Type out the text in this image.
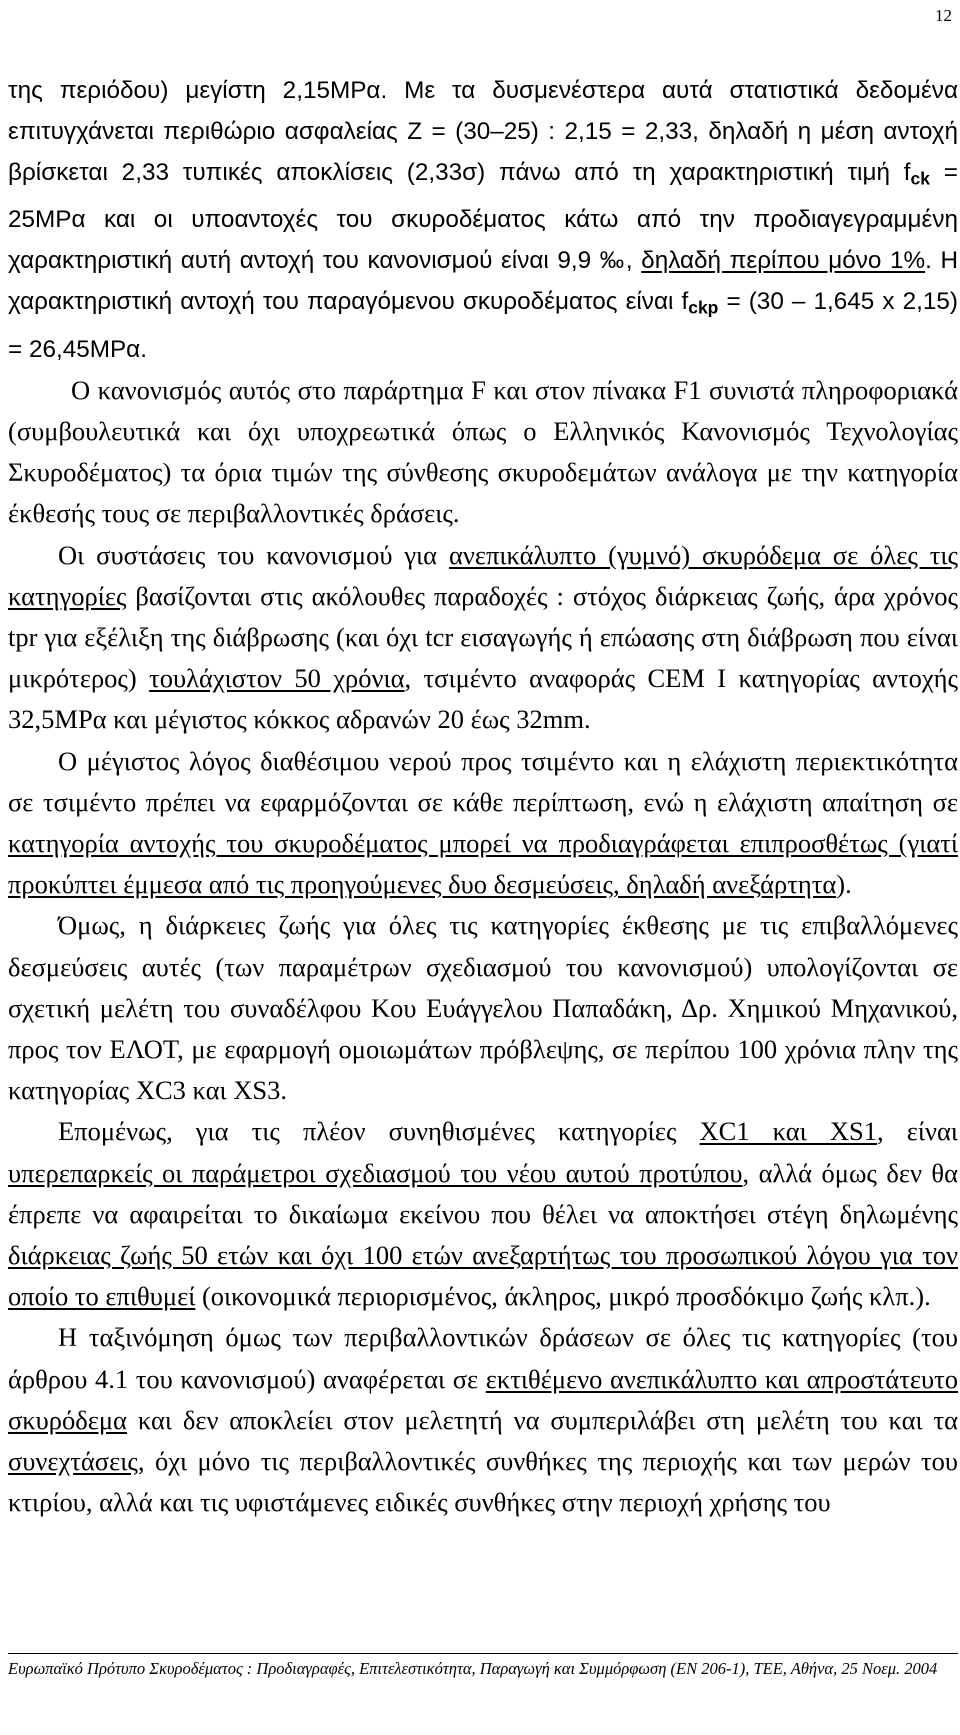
12

της περιόδου) μεγίστη 2,15MPα. Με τα δυσμενέστερα αυτά στατιστικά δεδομένα επιτυγχάνεται περιθώριο ασφαλείας Ζ = (30–25) : 2,15 = 2,33, δηλαδή η μέση αντοχή βρίσκεται 2,33 τυπικές αποκλίσεις (2,33σ) πάνω από τη χαρακτηριστική τιμή $f_{ck} = 25MP\alpha$ και οι υποαντοχές του σκυροδέματος κάτω από την προδιαγεγραμμένη χαρακτηριστική αυτή αντοχή του κανονισμού είναι 9,9 ‰, δηλαδή περίπου μόνο 1%. Η χαρακτηριστική αντοχή του παραγόμενου σκυροδέματος είναι $f_{ckp} = (30 - 1,645$ x 2,15) = 26,45MPα.

Ο κανονισμός αυτός στο παράρτημα F και στον πίνακα F1 συνιστά πληροφοριακά (συμβουλευτικά και όχι υποχρεωτικά όπως ο Ελληνικός Κανονισμός Τεχνολογίας Σκυροδέματος) τα όρια τιμών της σύνθεσης σκυροδεμάτων ανάλογα με την κατηγορία έκθεσής τους σε περιβαλλοντικές δράσεις.

Οι συστάσεις του κανονισμού για ανεπικάλυπτο (γυμνό) σκυρόδεμα σε όλες τις κατηγορίες βασίζονται στις ακόλουθες παραδοχές : στόχος διάρκειας ζωής, άρα χρόνος tpr για εξέλιξη της διάβρωσης (και όχι tcr εισαγωγής ή επώασης στη διάβρωση που είναι μικρότερος) τουλάχιστον 50 χρόνια, τσιμέντο αναφοράς CEM I κατηγορίας αντοχής 32,5MPα και μέγιστος κόκκος αδρανών 20 έως 32mm.

Ο μέγιστος λόγος διαθέσιμου νερού προς τσιμέντο και η ελάχιστη περιεκτικότητα σε τσιμέντο πρέπει να εφαρμόζονται σε κάθε περίπτωση, ενώ η ελάχιστη απαίτηση σε κατηγορία αντοχής του σκυροδέματος μπορεί να προδιαγράφεται επιπροσθέτως (γιατί προκύπτει έμμεσα από τις προηγούμενες δυο δεσμεύσεις, δηλαδή ανεξάρτητα).

Όμως, η διάρκειες ζωής για όλες τις κατηγορίες έκθεσης με τις επιβαλλόμενες δεσμεύσεις αυτές (των παραμέτρων σχεδιασμού του κανονισμού) υπολογίζονται σε σχετική μελέτη του συναδέλφου Κου Ευάγγελου Παπαδάκη, Δρ. Χημικού Μηχανικού, προς τον ΕΛΟΤ, με εφαρμογή ομοιωμάτων πρόβλεψης, σε περίπου 100 χρόνια πλην της κατηγορίας XC3 και XS3.

Επομένως, για τις πλέον συνηθισμένες κατηγορίες XC1 και XS1, είναι υπερεπαρκείς οι παράμετροι σχεδιασμού του νέου αυτού προτύπου, αλλά όμως δεν θα έπρεπε να αφαιρείται το δικαίωμα εκείνου που θέλει να αποκτήσει στέγη δηλωμένης διάρκειας ζωής 50 ετών και όχι 100 ετών ανεξαρτήτως του προσωπικού λόγου για τον οποίο το επιθυμεί (οικονομικά περιορισμένος, άκληρος, μικρό προσδόκιμο ζωής κλπ.).

Η ταξινόμηση όμως των περιβαλλοντικών δράσεων σε όλες τις κατηγορίες (του άρθρου 4.1 του κανονισμού) αναφέρεται σε εκτιθέμενο ανεπικάλυπτο και απροστάτευτο σκυρόδεμα και δεν αποκλείει στον μελετητή να συμπεριλάβει στη μελέτη του και τα συνεχτάσεις, όχι μόνο τις περιβαλλοντικές συνθήκες της περιοχής και των μερών του κτιρίου, αλλά και τις υφιστάμενες ειδικές συνθήκες στην περιοχή χρήσης του

Ευρωπαϊκό Πρότυπο Σκυροδέματος : Προδιαγραφές, Επιτελεστικότητα, Παραγωγή και Συμμόρφωση (EN 206-1), ΤΕΕ, Αθήνα, 25 Νοεμ. 2004
